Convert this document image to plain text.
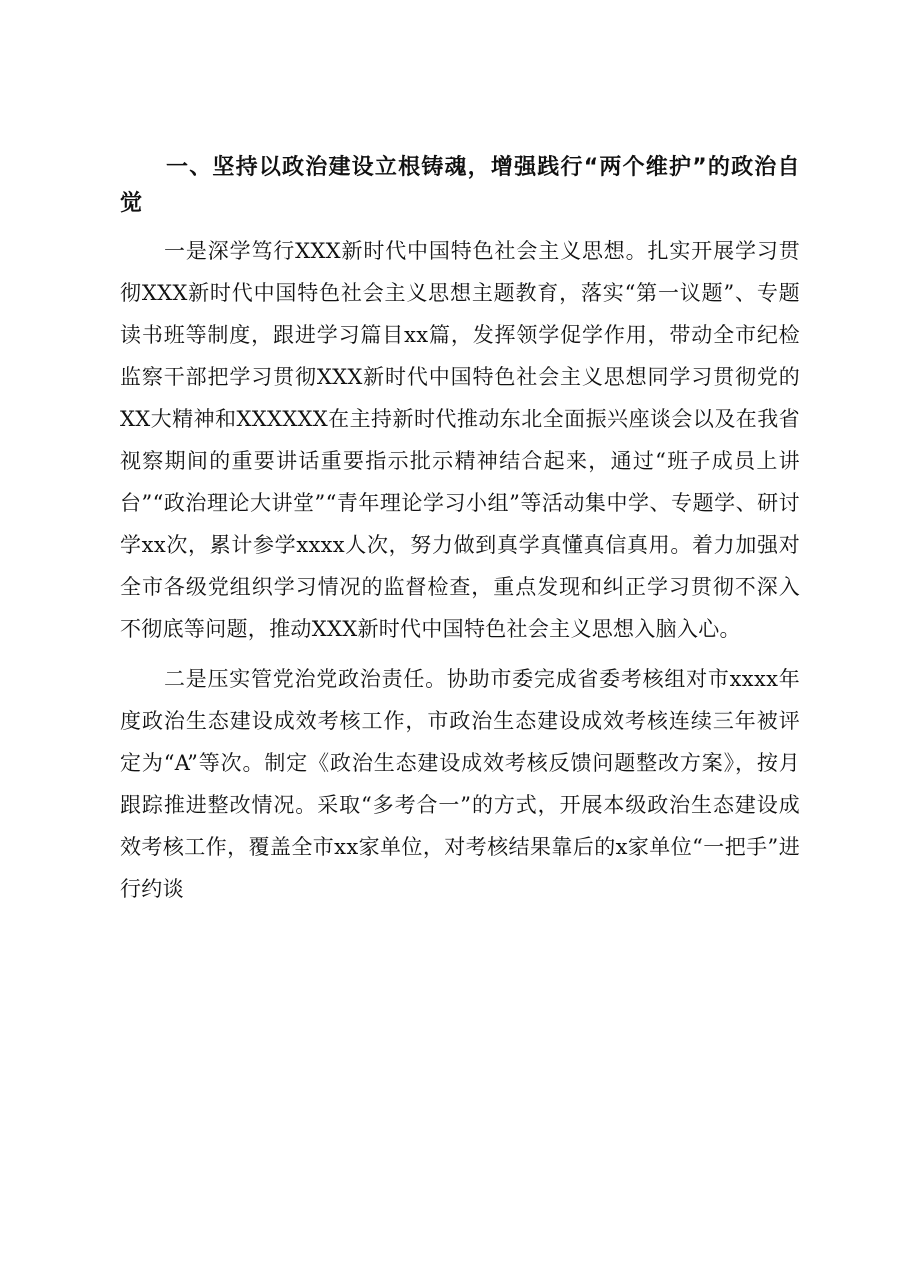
一、坚持以政治建设立根铸魂，增强践行“两个维护”的政治自觉

一是深学笃行XXX新时代中国特色社会主义思想。扎实开展学习贯彻XXX新时代中国特色社会主义思想主题教育，落实“第一议题”、专题读书班等制度，跟进学习篇目xx篇，发挥领学促学作用，带动全市纪检监察干部把学习贯彻XXX新时代中国特色社会主义思想同学习贯彻党的XX大精神和XXXXXX在主持新时代推动东北全面振兴座谈会以及在我省视察期间的重要讲话重要指示批示精神结合起来，通过“班子成员上讲台”“政治理论大讲堂”“青年理论学习小组”等活动集中学、专题学、研讨学xx次，累计参学xxxx人次，努力做到真学真懂真信真用。着力加强对全市各级党组织学习情况的监督检查，重点发现和纠正学习贯彻不深入不彻底等问题，推动XXX新时代中国特色社会主义思想入脑入心。

二是压实管党治党政治责任。协助市委完成省委考核组对市xxxx年度政治生态建设成效考核工作，市政治生态建设成效考核连续三年被评定为“A”等次。制定《政治生态建设成效考核反馈问题整改方案》，按月跟踪推进整改情况。采取“多考合一”的方式，开展本级政治生态建设成效考核工作，覆盖全市xx家单位，对考核结果靠后的x家单位“一把手”进行约谈
